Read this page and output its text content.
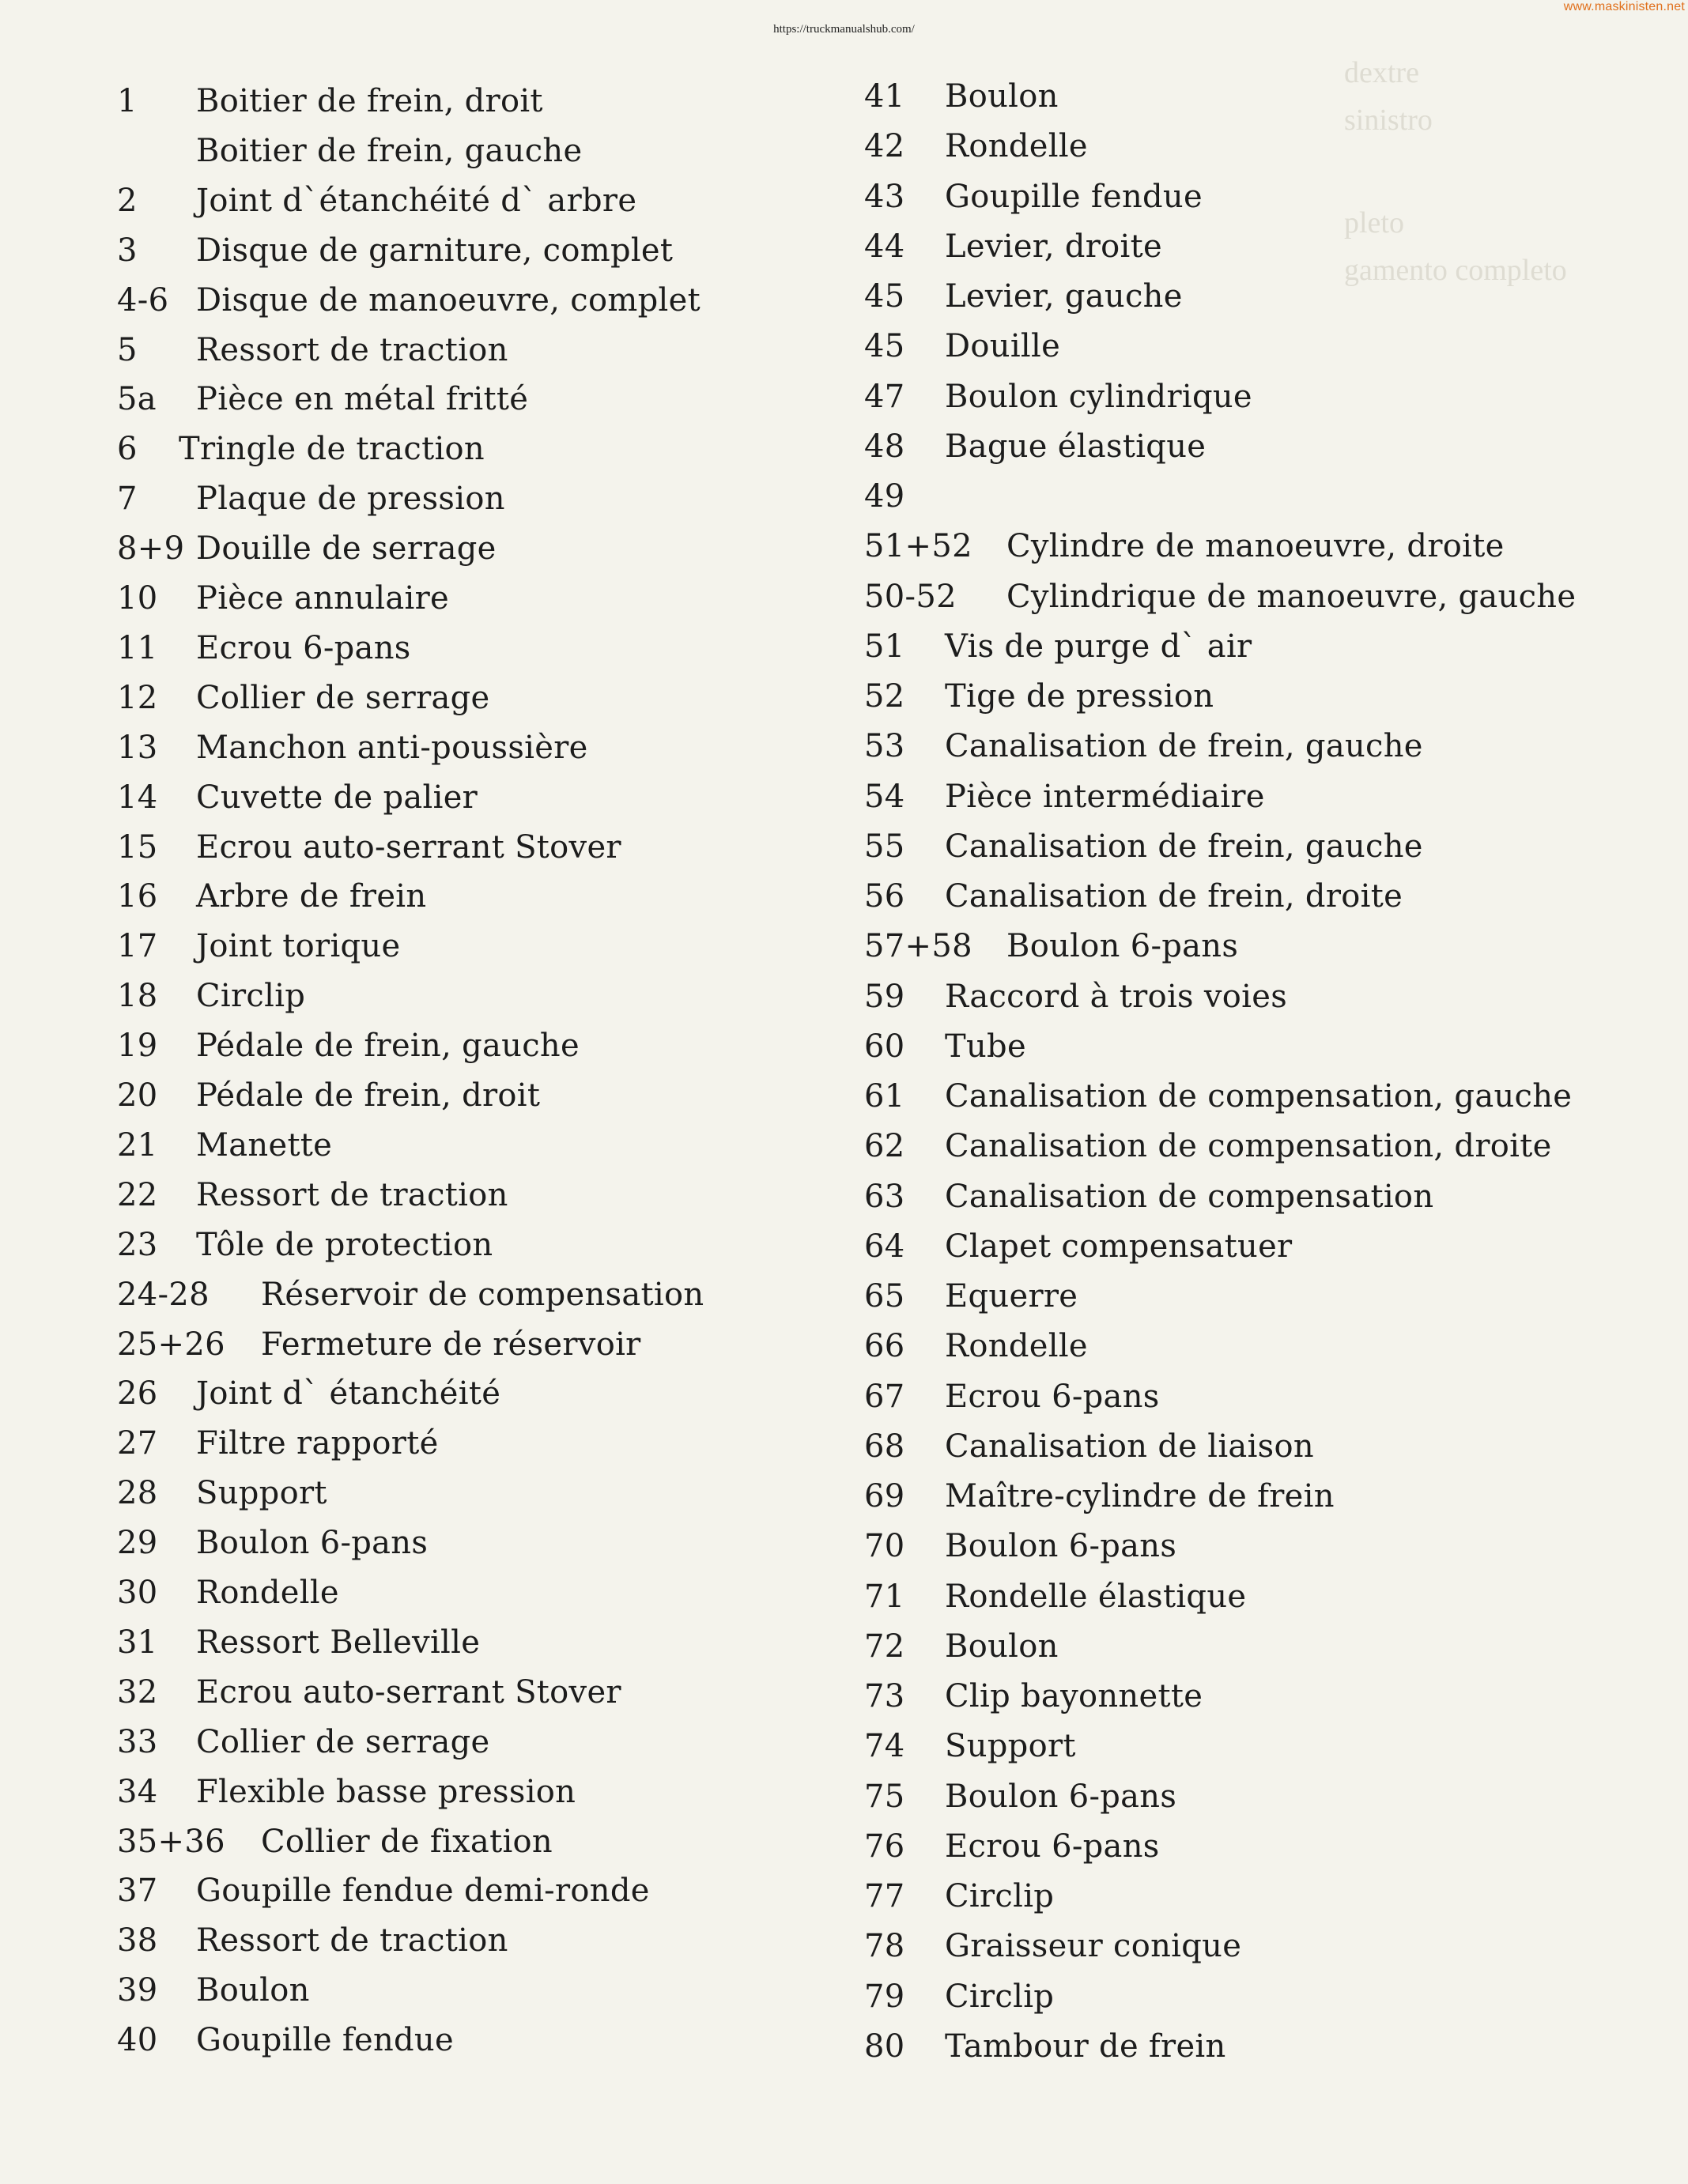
www.maskinisten.net
https://truckmanualshub.com/
dextre
sinistro
pleto
gamento completo
1 Boitier de frein, droit
Boitier de frein, gauche
2 Joint d`étanchéité d` arbre
3 Disque de garniture, complet
4-6 Disque de manoeuvre, complet
5 Ressort de traction
5a Pièce en métal fritté
6 Tringle de traction
7 Plaque de pression
8+9 Douille de serrage
10 Pièce annulaire
11 Ecrou 6-pans
12 Collier de serrage
13 Manchon anti-poussière
14 Cuvette de palier
15 Ecrou auto-serrant Stover
16 Arbre de frein
17 Joint torique
18 Circlip
19 Pédale de frein, gauche
20 Pédale de frein, droit
21 Manette
22 Ressort de traction
23 Tôle de protection
24-28 Réservoir de compensation
25+26 Fermeture de réservoir
26 Joint d` étanchéité
27 Filtre rapporté
28 Support
29 Boulon 6-pans
30 Rondelle
31 Ressort Belleville
32 Ecrou auto-serrant Stover
33 Collier de serrage
34 Flexible basse pression
35+36 Collier de fixation
37 Goupille fendue demi-ronde
38 Ressort de traction
39 Boulon
40 Goupille fendue
41 Boulon
42 Rondelle
43 Goupille fendue
44 Levier, droite
45 Levier, gauche
45 Douille
47 Boulon cylindrique
48 Bague élastique
49
51+52 Cylindre de manoeuvre, droite
50-52 Cylindrique de manoeuvre, gauche
51 Vis de purge d` air
52 Tige de pression
53 Canalisation de frein, gauche
54 Pièce intermédiaire
55 Canalisation de frein, gauche
56 Canalisation de frein, droite
57+58 Boulon 6-pans
59 Raccord à trois voies
60 Tube
61 Canalisation de compensation, gauche
62 Canalisation de compensation, droite
63 Canalisation de compensation
64 Clapet compensatuer
65 Equerre
66 Rondelle
67 Ecrou 6-pans
68 Canalisation de liaison
69 Maître-cylindre de frein
70 Boulon 6-pans
71 Rondelle élastique
72 Boulon
73 Clip bayonnette
74 Support
75 Boulon 6-pans
76 Ecrou 6-pans
77 Circlip
78 Graisseur conique
79 Circlip
80 Tambour de frein
